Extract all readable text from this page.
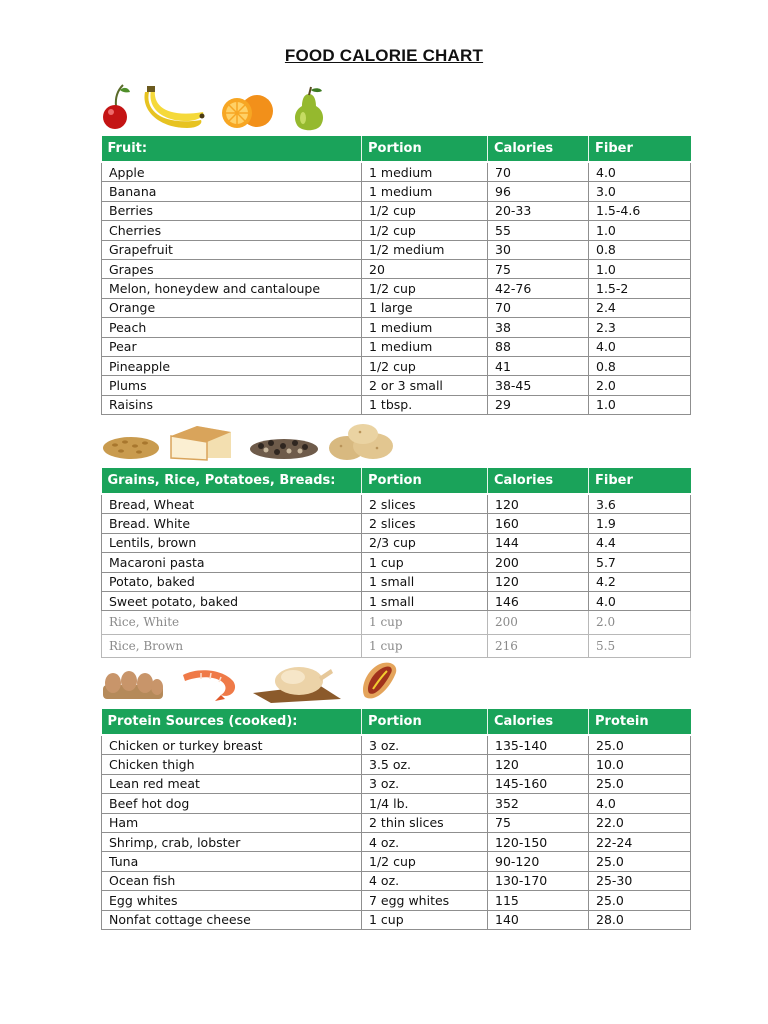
FOOD CALORIE CHART
Fruit:	Portion	Calories	Fiber
Apple	1 medium	70	4.0
Banana	1 medium	96	3.0
Berries	1/2 cup	20-33	1.5-4.6
Cherries	1/2 cup	55	1.0
Grapefruit	1/2 medium	30	0.8
Grapes	20	75	1.0
Melon, honeydew and cantaloupe	1/2 cup	42-76	1.5-2
Orange	1 large	70	2.4
Peach	1 medium	38	2.3
Pear	1 medium	88	4.0
Pineapple	1/2 cup	41	0.8
Plums	2 or 3 small	38-45	2.0
Raisins	1 tbsp.	29	1.0
Grains, Rice, Potatoes, Breads:	Portion	Calories	Fiber
Bread, Wheat	2 slices	120	3.6
Bread. White	2 slices	160	1.9
Lentils, brown	2/3 cup	144	4.4
Macaroni pasta	1 cup	200	5.7
Potato, baked	1 small	120	4.2
Sweet potato, baked	1 small	146	4.0
Rice, White	1 cup	200	2.0
Rice, Brown	1 cup	216	5.5
Protein Sources (cooked):	Portion	Calories	Protein
Chicken or turkey breast	3 oz.	135-140	25.0
Chicken thigh	3.5 oz.	120	10.0
Lean red meat	3 oz.	145-160	25.0
Beef hot dog	1/4 lb.	352	4.0
Ham	2 thin slices	75	22.0
Shrimp, crab, lobster	4 oz.	120-150	22-24
Tuna	1/2 cup	90-120	25.0
Ocean fish	4 oz.	130-170	25-30
Egg whites	7 egg whites	115	25.0
Nonfat cottage cheese	1 cup	140	28.0
